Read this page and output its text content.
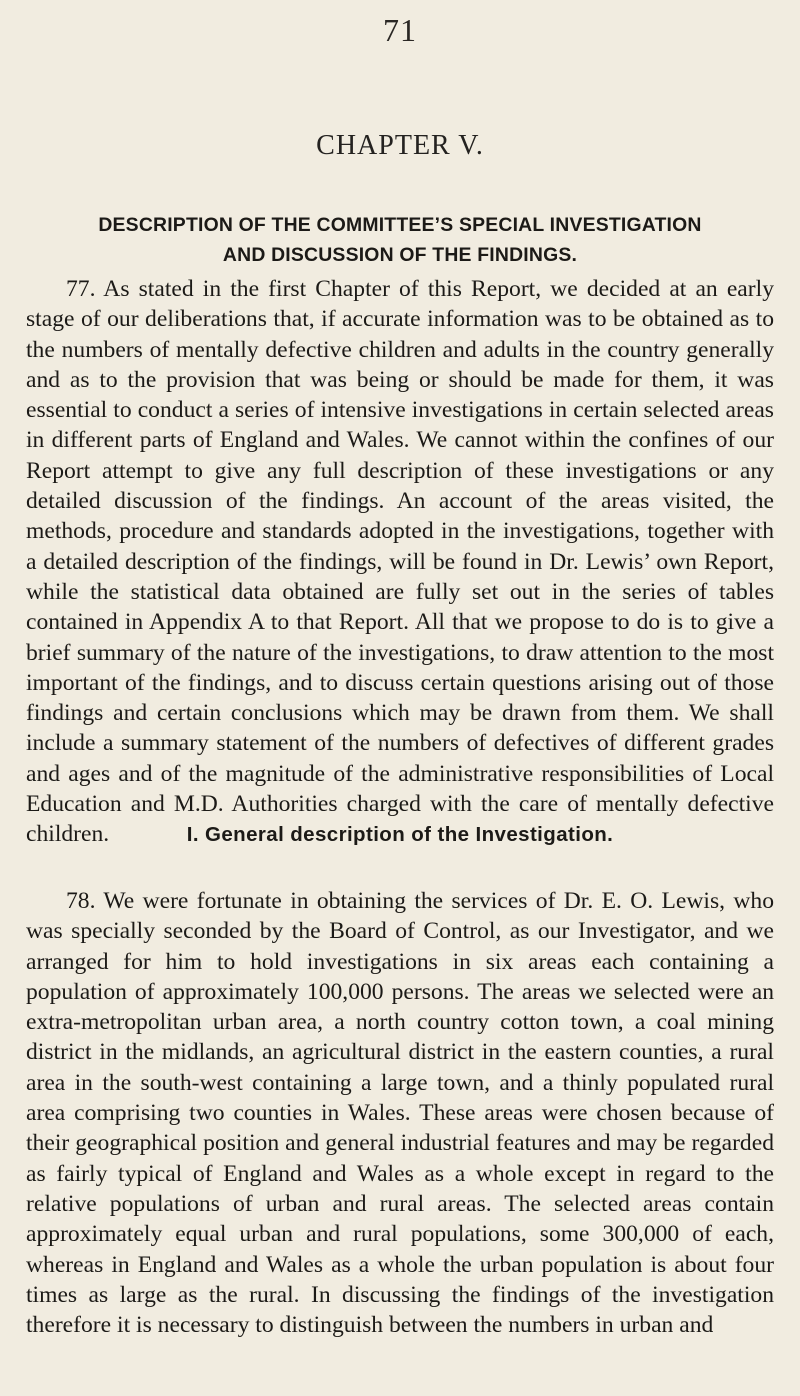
71
CHAPTER V.
DESCRIPTION OF THE COMMITTEE’S SPECIAL INVESTIGATION
AND DISCUSSION OF THE FINDINGS.

77. As stated in the first Chapter of this Report, we decided at an early stage of our deliberations that, if accurate information was to be obtained as to the numbers of mentally defective children and adults in the country generally and as to the provision that was being or should be made for them, it was essential to conduct a series of intensive investigations in certain selected areas in different parts of England and Wales. We cannot within the confines of our Report attempt to give any full description of these investigations or any detailed discussion of the findings. An account of the areas visited, the methods, procedure and standards adopted in the investigations, together with a detailed description of the findings, will be found in Dr. Lewis’ own Report, while the statistical data obtained are fully set out in the series of tables contained in Appendix A to that Report. All that we propose to do is to give a brief summary of the nature of the investigations, to draw attention to the most important of the findings, and to discuss certain questions arising out of those findings and certain conclusions which may be drawn from them. We shall include a summary statement of the numbers of defectives of different grades and ages and of the magnitude of the administrative responsibilities of Local Education and M.D. Authorities charged with the care of mentally defective children.	I. General description of the Investigation.

78. We were fortunate in obtaining the services of Dr. E. O. Lewis, who was specially seconded by the Board of Control, as our Investigator, and we arranged for him to hold investigations in six areas each containing a population of approximately 100,000 persons. The areas we selected were an extra-metropolitan urban area, a north country cotton town, a coal mining district in the midlands, an agricultural district in the eastern counties, a rural area in the south-west containing a large town, and a thinly populated rural area comprising two counties in Wales. These areas were chosen because of their geographical position and general industrial features and may be regarded as fairly typical of England and Wales as a whole except in regard to the relative populations of urban and rural areas. The selected areas contain approximately equal urban and rural populations, some 300,000 of each, whereas in England and Wales as a whole the urban population is about four times as large as the rural. In discussing the findings of the investigation therefore it is necessary to distinguish between the numbers in urban and
